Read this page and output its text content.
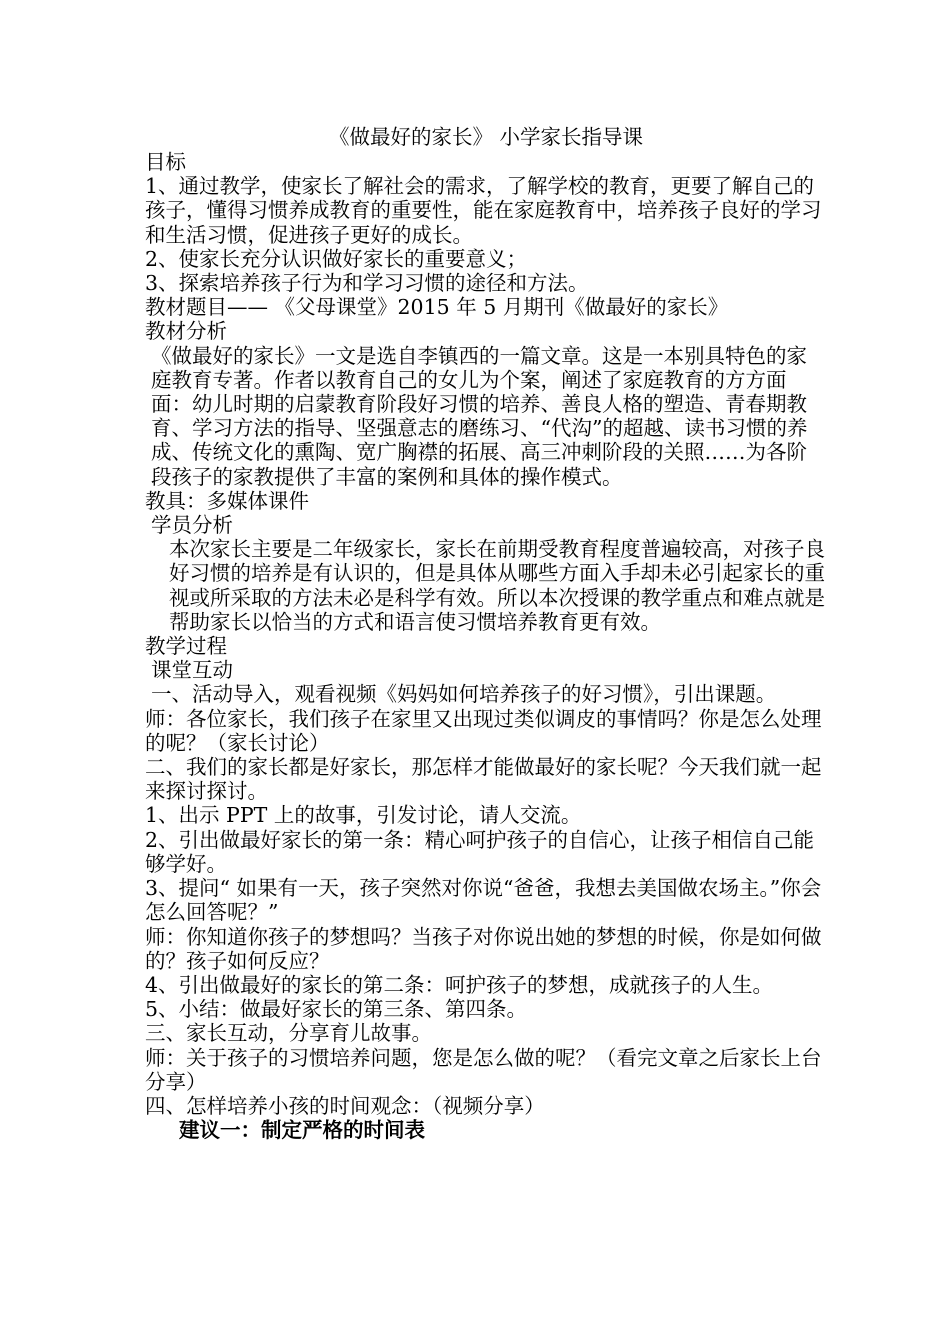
《做最好的家长》 小学家长指导课

目标

1、通过教学，使家长了解社会的需求，了解学校的教育，更要了解自己的孩子，懂得习惯养成教育的重要性，能在家庭教育中，培养孩子良好的学习和生活习惯，促进孩子更好的成长。

2、使家长充分认识做好家长的重要意义；

3、探索培养孩子行为和学习习惯的途径和方法。

教材题目—— 《父母课堂》2015 年 5 月期刊《做最好的家长》

教材分析

《做最好的家长》一文是选自李镇西的一篇文章。这是一本别具特色的家庭教育专著。作者以教育自己的女儿为个案，阐述了家庭教育的方方面面：幼儿时期的启蒙教育阶段好习惯的培养、善良人格的塑造、青春期教育、学习方法的指导、坚强意志的磨练习、“代沟”的超越、读书习惯的养成、传统文化的熏陶、宽广胸襟的拓展、高三冲刺阶段的关照……为各阶段孩子的家教提供了丰富的案例和具体的操作模式。

教具：多媒体课件

学员分析

本次家长主要是二年级家长，家长在前期受教育程度普遍较高，对孩子良好习惯的培养是有认识的，但是具体从哪些方面入手却未必引起家长的重视或所采取的方法未必是科学有效。所以本次授课的教学重点和难点就是帮助家长以恰当的方式和语言使习惯培养教育更有效。

教学过程

课堂互动

一、活动导入，观看视频《妈妈如何培养孩子的好习惯》，引出课题。

师：各位家长，我们孩子在家里又出现过类似调皮的事情吗？你是怎么处理的呢？（家长讨论）

二、我们的家长都是好家长，那怎样才能做最好的家长呢？今天我们就一起来探讨探讨。

1、出示 PPT 上的故事，引发讨论，请人交流。

2、引出做最好家长的第一条：精心呵护孩子的自信心，让孩子相信自己能够学好。

3、提问“ 如果有一天，孩子突然对你说“爸爸，我想去美国做农场主。”你会怎么回答呢？”

师：你知道你孩子的梦想吗？当孩子对你说出她的梦想的时候，你是如何做的？孩子如何反应？

4、引出做最好的家长的第二条：呵护孩子的梦想，成就孩子的人生。

5、小结：做最好家长的第三条、第四条。

三、家长互动，分享育儿故事。

师：关于孩子的习惯培养问题，您是怎么做的呢？（看完文章之后家长上台分享）

四、怎样培养小孩的时间观念：（视频分享）

建议一：制定严格的时间表
